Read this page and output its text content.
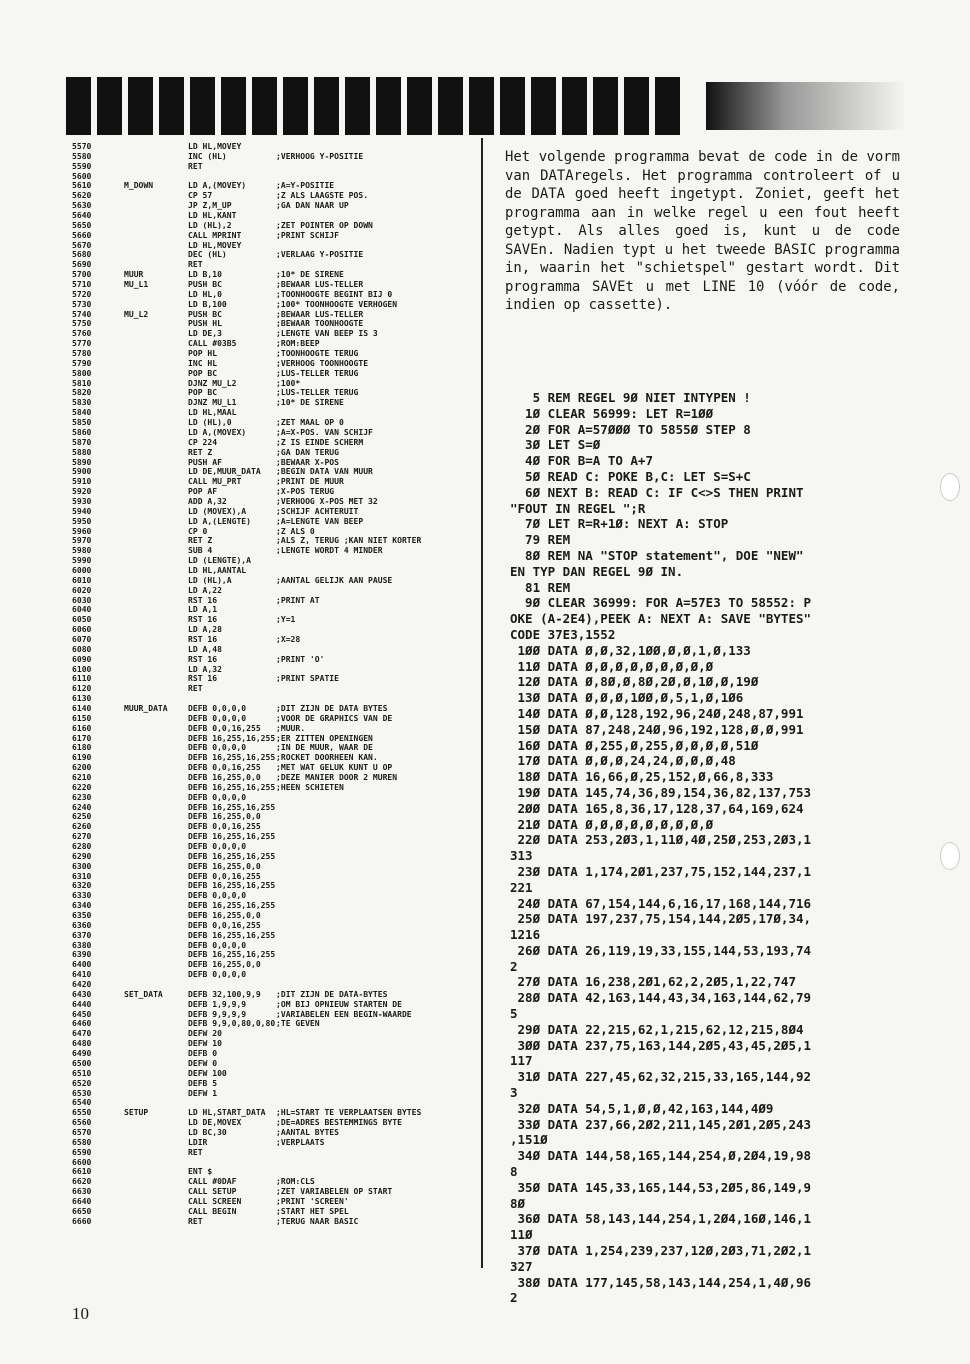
5570	LD HL,MOVEY
5580	INC (HL)	;VERHOOG Y-POSITIE
5590	RET
5600
5610	M_DOWN	LD A,(MOVEY)	;A=Y-POSITIE
5620	CP 57	;Z ALS LAAGSTE POS.
5630	JP Z,M_UP	;GA DAN NAAR UP
5640	LD HL,KANT
5650	LD (HL),2	;ZET POINTER OP DOWN
5660	CALL MPRINT	;PRINT SCHIJF
5670	LD HL,MOVEY
5680	DEC (HL)	;VERLAAG Y-POSITIE
5690	RET
5700	MUUR	LD B,10	;10* DE SIRENE
5710	MU_L1	PUSH BC	;BEWAAR LUS-TELLER
5720	LD HL,0	;TOONHOOGTE BEGINT BIJ 0
5730	LD B,100	;100* TOONHOOGTE VERHOGEN
5740	MU_L2	PUSH BC	;BEWAAR LUS-TELLER
5750	PUSH HL	;BEWAAR TOONHOOGTE
5760	LD DE,3	;LENGTE VAN BEEP IS 3
5770	CALL #03B5	;ROM:BEEP
5780	POP HL	;TOONHOOGTE TERUG
5790	INC HL	;VERHOOG TOONHOOGTE
5800	POP BC	;LUS-TELLER TERUG
5810	DJNZ MU_L2	;100*
5820	POP BC	;LUS-TELLER TERUG
5830	DJNZ MU_L1	;10* DE SIRENE
5840	LD HL,MAAL
5850	LD (HL),0	;ZET MAAL OP 0
5860	LD A,(MOVEX)	;A=X-POS. VAN SCHIJF
5870	CP 224	;Z IS EINDE SCHERM
5880	RET Z	;GA DAN TERUG
5890	PUSH AF	;BEWAAR X-POS
5900	LD DE,MUUR_DATA	;BEGIN DATA VAN MUUR
5910	CALL MU_PRT	;PRINT DE MUUR
5920	POP AF	;X-POS TERUG
5930	ADD A,32	;VERHOOG X-POS MET 32
5940	LD (MOVEX),A	;SCHIJF ACHTERUIT
5950	LD A,(LENGTE)	;A=LENGTE VAN BEEP
5960	CP 0	;Z ALS 0
5970	RET Z	;ALS Z, TERUG ;KAN NIET KORTER
5980	SUB 4	;LENGTE WORDT 4 MINDER
5990	LD (LENGTE),A
6000	LD HL,AANTAL
6010	LD (HL),A	;AANTAL GELIJK AAN PAUSE
6020	LD A,22
6030	RST 16	;PRINT AT
6040	LD A,1
6050	RST 16	;Y=1
6060	LD A,28
6070	RST 16	;X=28
6080	LD A,48
6090	RST 16	;PRINT 'O'
6100	LD A,32
6110	RST 16	;PRINT SPATIE
6120	RET
6130
6140	MUUR_DATA	DEFB 0,0,0,0	;DIT ZIJN DE DATA BYTES
6150	DEFB 0,0,0,0	;VOOR DE GRAPHICS VAN DE
6160	DEFB 0,0,16,255	;MUUR.
6170	DEFB 16,255,16,255 ;ER ZITTEN OPENINGEN
6180	DEFB 0,0,0,0	;IN DE MUUR, WAAR DE
6190	DEFB 16,255,16,255 ;ROCKET DOORHEEN KAN.
6200	DEFB 0,0,16,255	;MET WAT GELUK KUNT U OP
6210	DEFB 16,255,0,0	;DEZE MANIER DOOR 2 MUREN
6220	DEFB 16,255,16,255 ;HEEN SCHIETEN
6230	DEFB 0,0,0,0
6240	DEFB 16,255,16,255
6250	DEFB 16,255,0,0
6260	DEFB 0,0,16,255
6270	DEFB 16,255,16,255
6280	DEFB 0,0,0,0
6290	DEFB 16,255,16,255
6300	DEFB 16,255,0,0
6310	DEFB 0,0,16,255
6320	DEFB 16,255,16,255
6330	DEFB 0,0,0,0
6340	DEFB 16,255,16,255
6350	DEFB 16,255,0,0
6360	DEFB 0,0,16,255
6370	DEFB 16,255,16,255
6380	DEFB 0,0,0,0
6390	DEFB 16,255,16,255
6400	DEFB 16,255,0,0
6410	DEFB 0,0,0,0
6420
6430	SET_DATA	DEFB 32,100,9,9	;DIT ZIJN DE DATA-BYTES
6440	DEFB 1,9,9,9	;OM BIJ OPNIEUW STARTEN DE
6450	DEFB 9,9,9,9	;VARIABELEN EEN BEGIN-WAARDE
6460	DEFB 9,9,0,80,0,80 ;TE GEVEN
6470	DEFW 20
6480	DEFW 10
6490	DEFB 0
6500	DEFW 0
6510	DEFW 100
6520	DEFB 5
6530	DEFW 1
6540
6550	SETUP	LD HL,START_DATA	;HL=START TE VERPLAATSEN BYTES
6560	LD DE,MOVEX	;DE=ADRES BESTEMMINGS BYTE
6570	LD BC,30	;AANTAL BYTES
6580	LDIR	;VERPLAATS
6590	RET
6600
6610	ENT $
6620	CALL #0DAF	;ROM:CLS
6630	CALL SETUP	;ZET VARIABELEN OP START
6640	CALL SCREEN	;PRINT 'SCREEN'
6650	CALL BEGIN	;START HET SPEL
6660	RET	;TERUG NAAR BASIC
Het volgende programma bevat de code in de vorm van DATAregels. Het programma controleert of u de DATA goed heeft ingetypt. Zoniet, geeft het programma aan in welke regel u een fout heeft getypt. Als alles goed is, kunt u de code SAVEn. Nadien typt u het tweede BASIC programma in, waarin het "schietspel" gestart wordt. Dit programma SAVEt u met LINE 10 (vóór de code, indien op cassette).
5 REM REGEL 9Ø NIET INTYPEN !
1Ø CLEAR 56999: LET R=1ØØ
2Ø FOR A=57ØØØ TO 5855Ø STEP 8
3Ø LET S=Ø
4Ø FOR B=A TO A+7
5Ø READ C: POKE B,C: LET S=S+C
6Ø NEXT B: READ C: IF C<>S THEN PRINT
"FOUT IN REGEL ";R
7Ø LET R=R+1Ø: NEXT A: STOP
79 REM
8Ø REM NA "STOP statement", DOE "NEW"
EN TYP DAN REGEL 9Ø IN.
81 REM
9Ø CLEAR 36999: FOR A=57E3 TO 58552: P
OKE (A-2E4),PEEK A: NEXT A: SAVE "BYTES"
CODE 37E3,1552
1ØØ DATA Ø,Ø,32,1ØØ,Ø,Ø,1,Ø,133
11Ø DATA Ø,Ø,Ø,Ø,Ø,Ø,Ø,Ø,Ø
12Ø DATA Ø,8Ø,Ø,8Ø,2Ø,Ø,1Ø,Ø,19Ø
13Ø DATA Ø,Ø,Ø,1ØØ,Ø,5,1,Ø,1Ø6
14Ø DATA Ø,Ø,128,192,96,24Ø,248,87,991
15Ø DATA 87,248,24Ø,96,192,128,Ø,Ø,991
16Ø DATA Ø,255,Ø,255,Ø,Ø,Ø,Ø,51Ø
17Ø DATA Ø,Ø,Ø,24,24,Ø,Ø,Ø,48
18Ø DATA 16,66,Ø,25,152,Ø,66,8,333
19Ø DATA 145,74,36,89,154,36,82,137,753
2ØØ DATA 165,8,36,17,128,37,64,169,624
21Ø DATA Ø,Ø,Ø,Ø,Ø,Ø,Ø,Ø,Ø
22Ø DATA 253,2Ø3,1,11Ø,4Ø,25Ø,253,2Ø3,1
313
23Ø DATA 1,174,2Ø1,237,75,152,144,237,1
221
24Ø DATA 67,154,144,6,16,17,168,144,716
25Ø DATA 197,237,75,154,144,2Ø5,17Ø,34,
1216
26Ø DATA 26,119,19,33,155,144,53,193,74
2
27Ø DATA 16,238,2Ø1,62,2,2Ø5,1,22,747
28Ø DATA 42,163,144,43,34,163,144,62,79
5
29Ø DATA 22,215,62,1,215,62,12,215,8Ø4
3ØØ DATA 237,75,163,144,2Ø5,43,45,2Ø5,1
117
31Ø DATA 227,45,62,32,215,33,165,144,92
3
32Ø DATA 54,5,1,Ø,Ø,42,163,144,4Ø9
33Ø DATA 237,66,2Ø2,211,145,2Ø1,2Ø5,243
,151Ø
34Ø DATA 144,58,165,144,254,Ø,2Ø4,19,98
8
35Ø DATA 145,33,165,144,53,2Ø5,86,149,9
8Ø
36Ø DATA 58,143,144,254,1,2Ø4,16Ø,146,1
11Ø
37Ø DATA 1,254,239,237,12Ø,2Ø3,71,2Ø2,1
327
38Ø DATA 177,145,58,143,144,254,1,4Ø,96
2
10
